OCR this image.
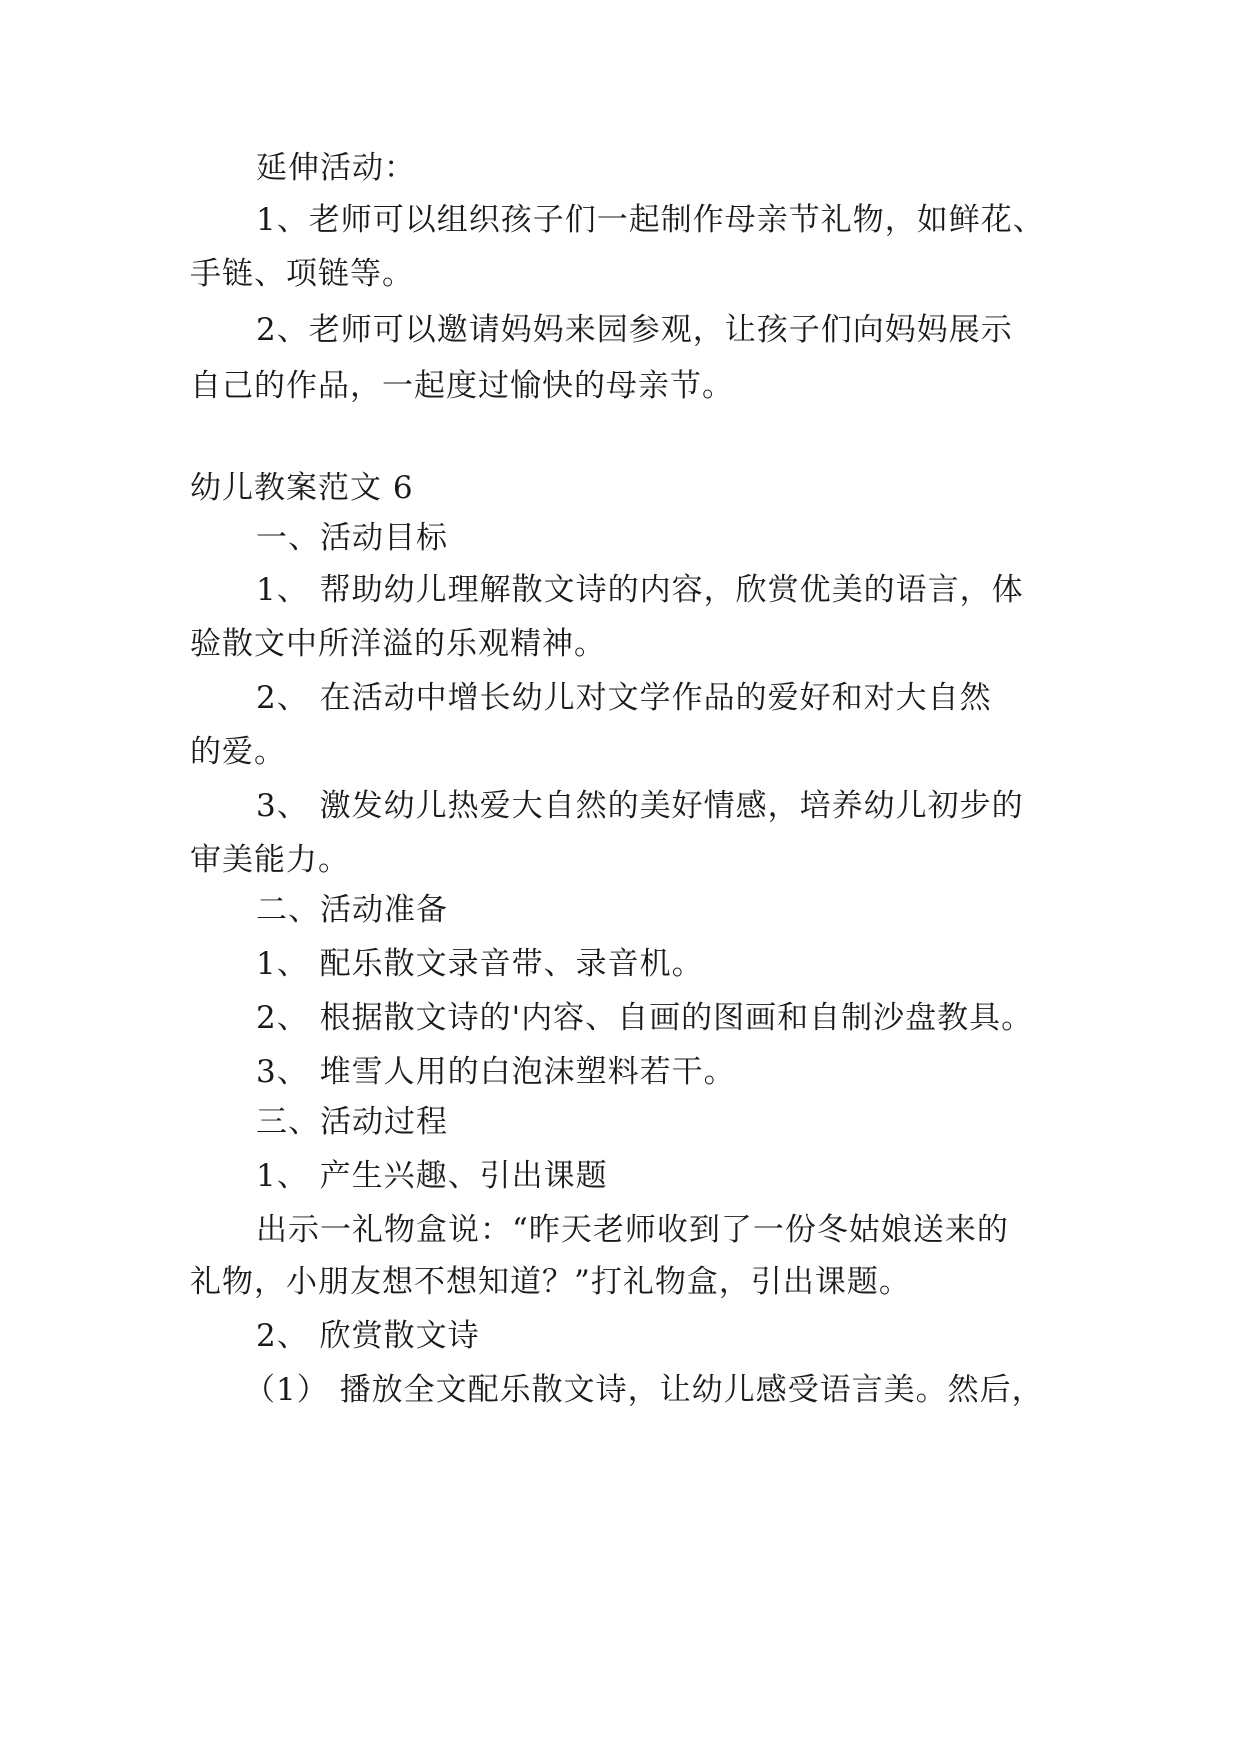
延伸活动：
1、老师可以组织孩子们一起制作母亲节礼物，如鲜花、
手链、项链等。
2、老师可以邀请妈妈来园参观，让孩子们向妈妈展示
自己的作品，一起度过愉快的母亲节。
幼儿教案范文 6
一、活动目标
1、 帮助幼儿理解散文诗的内容，欣赏优美的语言，体
验散文中所洋溢的乐观精神。
2、 在活动中增长幼儿对文学作品的爱好和对大自然
的爱。
3、 激发幼儿热爱大自然的美好情感，培养幼儿初步的
审美能力。
二、活动准备
1、 配乐散文录音带、录音机。
2、 根据散文诗的'内容、自画的图画和自制沙盘教具。
3、 堆雪人用的白泡沫塑料若干。
三、活动过程
1、 产生兴趣、引出课题
出示一礼物盒说：“昨天老师收到了一份冬姑娘送来的
礼物，小朋友想不想知道？”打礼物盒，引出课题。
2、 欣赏散文诗
（1） 播放全文配乐散文诗，让幼儿感受语言美。然后，
